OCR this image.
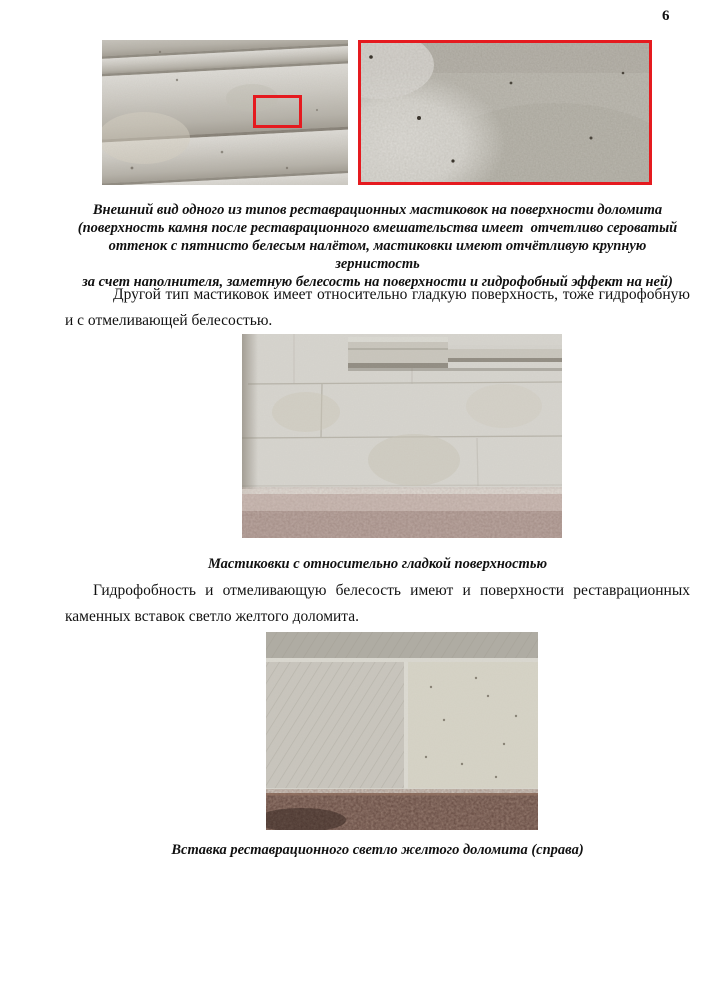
6
Внешний вид одного из типов реставрационных мастиковок на поверхности доломита
(поверхность камня после реставрационного вмешательства имеет  отчетливо сероватый
оттенок с пятнисто белесым налётом, мастиковки имеют отчётливую крупную зернистость
за счет наполнителя, заметную белесость на поверхности и гидрофобный эффект на ней)

Другой тип мастиковок имеет относительно гладкую поверхность, тоже гидрофобную и с отмеливающей белесостью.

Мастиковки с относительно гладкой поверхностью

Гидрофобность и отмеливающую белесость имеют и поверхности реставрационных каменных вставок светло желтого доломита.

Вставка реставрационного светло желтого доломита (справа)
